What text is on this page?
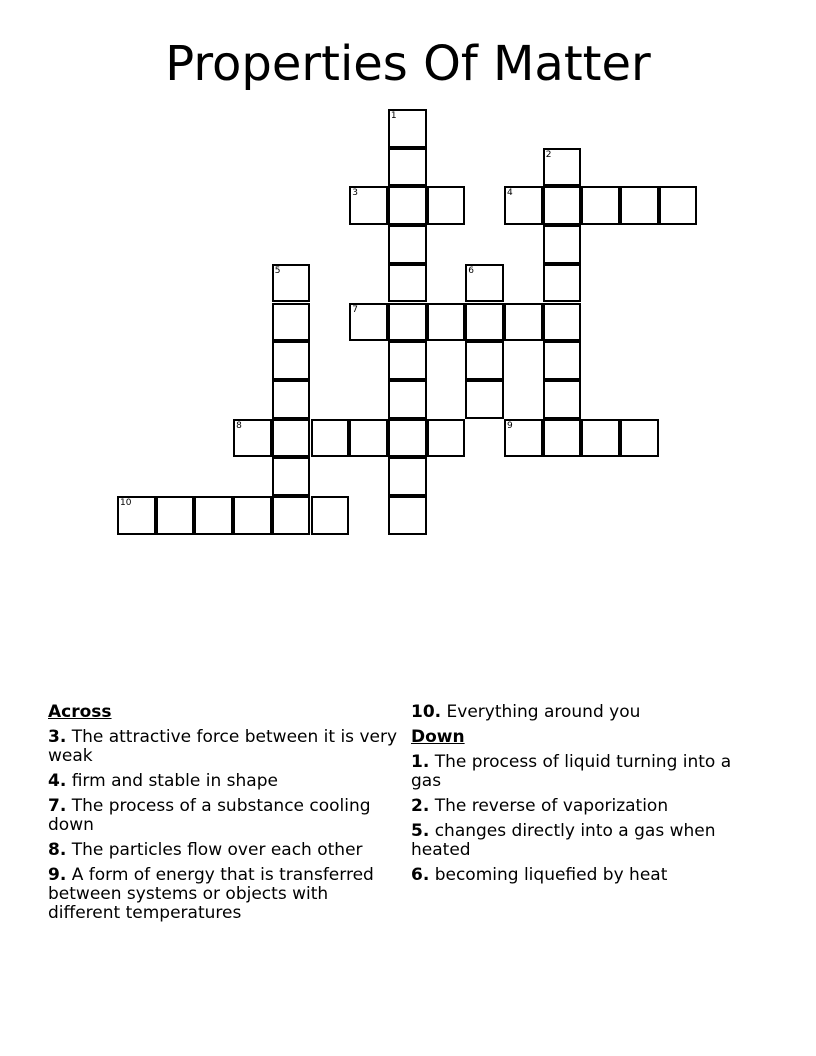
Properties Of Matter
1
2
3	4
5	6
7
8	9
10
Across
3. The attractive force between it is very weak
4. firm and stable in shape
7. The process of a substance cooling down
8. The particles flow over each other
9. A form of energy that is transferred between systems or objects with different temperatures
10. Everything around you
Down
1. The process of liquid turning into a gas
2. The reverse of vaporization
5. changes directly into a gas when heated
6. becoming liquefied by heat
